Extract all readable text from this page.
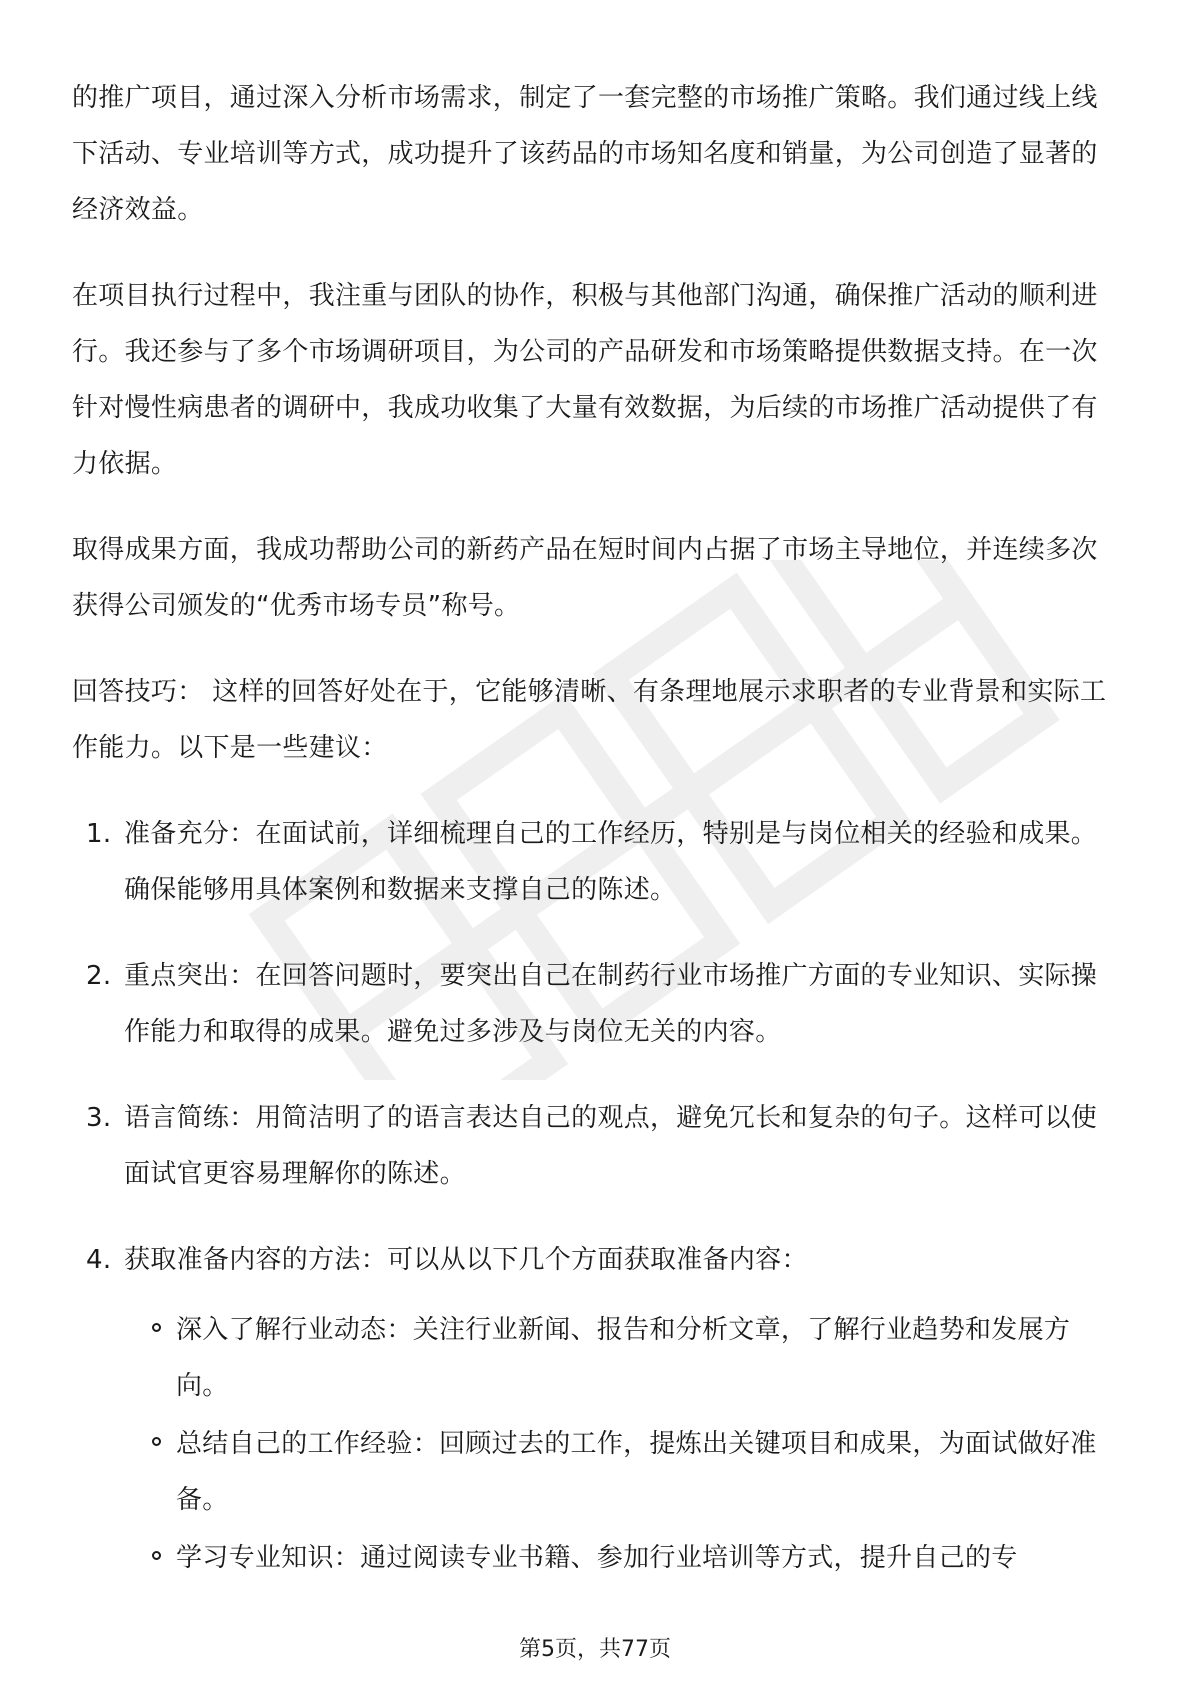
的推广项目，通过深入分析市场需求，制定了一套完整的市场推广策略。我们通过线上线下活动、专业培训等方式，成功提升了该药品的市场知名度和销量，为公司创造了显著的经济效益。

在项目执行过程中，我注重与团队的协作，积极与其他部门沟通，确保推广活动的顺利进行。我还参与了多个市场调研项目，为公司的产品研发和市场策略提供数据支持。在一次针对慢性病患者的调研中，我成功收集了大量有效数据，为后续的市场推广活动提供了有力依据。

取得成果方面，我成功帮助公司的新药产品在短时间内占据了市场主导地位，并连续多次获得公司颁发的“优秀市场专员”称号。

回答技巧： 这样的回答好处在于，它能够清晰、有条理地展示求职者的专业背景和实际工作能力。以下是一些建议：

1. 准备充分：在面试前，详细梳理自己的工作经历，特别是与岗位相关的经验和成果。确保能够用具体案例和数据来支撑自己的陈述。
2. 重点突出：在回答问题时，要突出自己在制药行业市场推广方面的专业知识、实际操作能力和取得的成果。避免过多涉及与岗位无关的内容。
3. 语言简练：用简洁明了的语言表达自己的观点，避免冗长和复杂的句子。这样可以使面试官更容易理解你的陈述。
4. 获取准备内容的方法：可以从以下几个方面获取准备内容：
深入了解行业动态：关注行业新闻、报告和分析文章，了解行业趋势和发展方向。
总结自己的工作经验：回顾过去的工作，提炼出关键项目和成果，为面试做好准备。
学习专业知识：通过阅读专业书籍、参加行业培训等方式，提升自己的专
第5页，共77页
